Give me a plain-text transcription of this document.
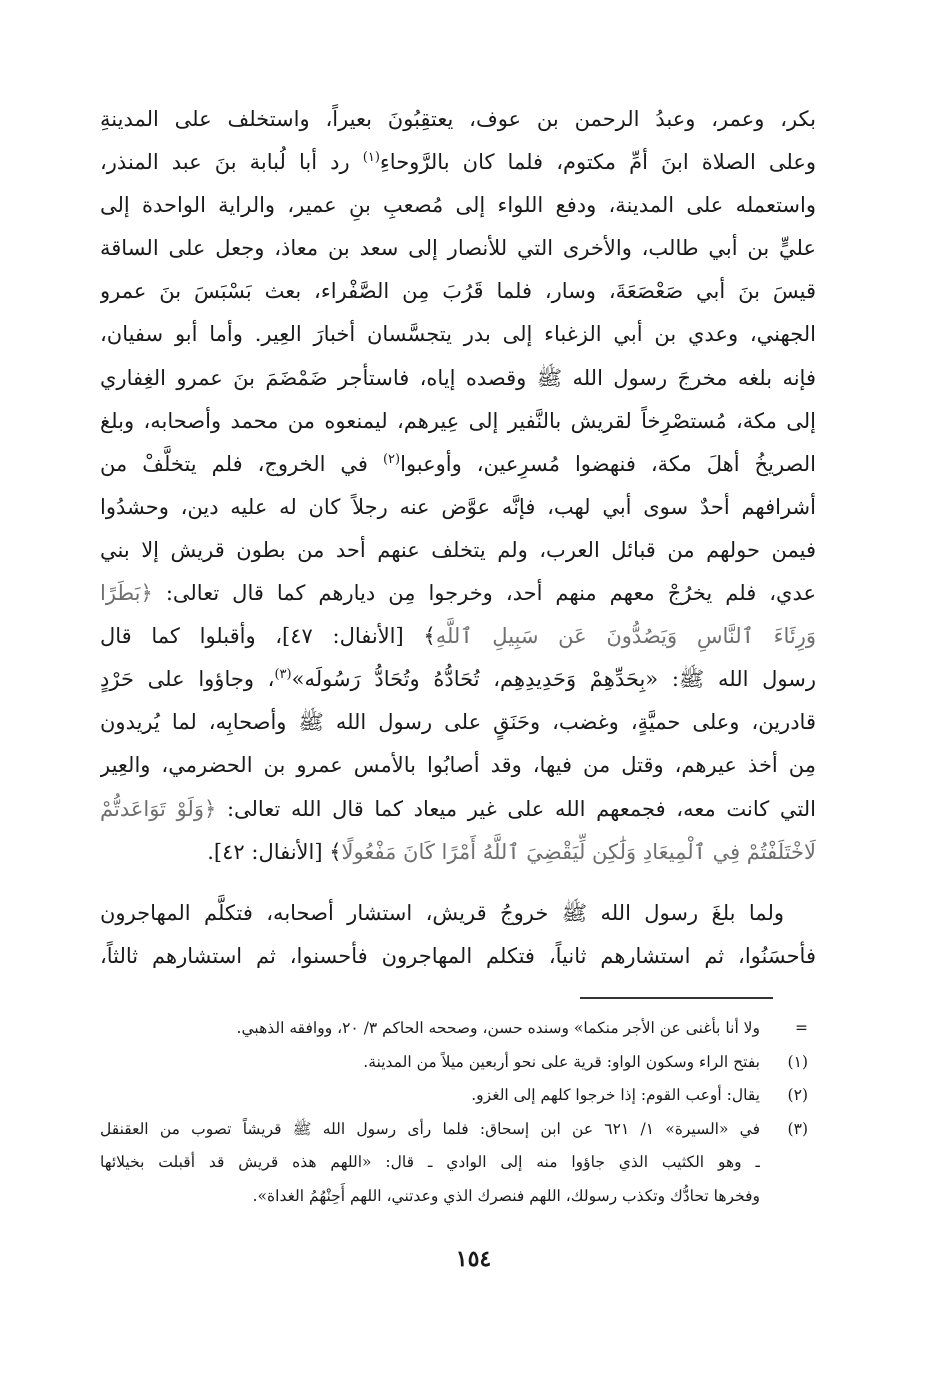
بكر، وعمر، وعبدُ الرحمن بن عوف، يعتقِبُونَ بعيراً، واستخلف على المدينةِ
وعلى الصلاة ابنَ أمِّ مكتوم، فلما كان بالرَّوحاءِ$^{(١)}$ رد أبا لُبابة بنَ عبد المنذر،
واستعمله على المدينة، ودفع اللواء إلى مُصعبِ بنِ عمير، والراية الواحدة إلى
عليٍّ بن أبي طالب، والأخرى التي للأنصار إلى سعد بن معاذ، وجعل على الساقة
قيسَ بنَ أبي صَعْصَعَةَ، وسار، فلما قَرُبَ مِن الصَّفْراء، بعث بَسْبَسَ بنَ عمرو
الجهني، وعدي بن أبي الزغباء إلى بدر يتجسَّسان أخبارَ العِير. وأما أبو سفيان،
فإنه بلغه مخرجَ رسول الله ﷺ وقصده إياه، فاستأجر ضَمْضَمَ بنَ عمرو الغِفاري
إلى مكة، مُستصْرِخاً لقريش بالنَّفير إلى عِيرهم، ليمنعوه من محمد وأصحابه، وبلغ
الصريخُ أهلَ مكة، فنهضوا مُسرِعين، وأوعبوا$^{(٢)}$ في الخروج، فلم يتخلَّفْ من
أشرافهم أحدٌ سوى أبي لهب، فإنَّه عوَّض عنه رجلاً كان له عليه دين، وحشدُوا
فيمن حولهم من قبائل العرب، ولم يتخلف عنهم أحد من بطون قريش إلا بني
عدي، فلم يخرُجْ معهم منهم أحد، وخرجوا مِن ديارهم كما قال تعالى: ﴿بَطَرًا
وَرِئَاءَ ٱلنَّاسِ وَيَصُدُّونَ عَن سَبِيلِ ٱللَّهِ﴾ [الأنفال: ٤٧]، وأقبلوا كما قال
رسول الله ﷺ: «بِحَدِّهِمْ وَحَدِيدِهِم، تُحَادُّهُ وتُحَادُّ رَسُولَه»$^{(٣)}$، وجاؤوا على حَرْدٍ
قادرين، وعلى حميَّةٍ، وغضب، وحَنَقٍ على رسول الله ﷺ وأصحابِه، لما يُريدون
مِن أخذ عيرهم، وقتل من فيها، وقد أصابُوا بالأمس عمرو بن الحضرمي، والعِير
التي كانت معه، فجمعهم الله على غير ميعاد كما قال الله تعالى: ﴿وَلَوْ تَوَاعَدتُّمْ
لَاخْتَلَفْتُمْ فِي ٱلْمِيعَادِ وَلَٰكِن لِّيَقْضِيَ ٱللَّهُ أَمْرًا كَانَ مَفْعُولًا﴾ [الأنفال: ٤٢].
ولما بلغَ رسول الله ﷺ خروجُ قريش، استشار أصحابه، فتكلَّم المهاجرون
فأحسَنُوا، ثم استشارهم ثانياً، فتكلم المهاجرون فأحسنوا، ثم استشارهم ثالثاً،
=
ولا أنا بأغنى عن الأجر منكما» وسنده حسن، وصححه الحاكم ٣/ ٢٠، ووافقه الذهبي.
(١)
بفتح الراء وسكون الواو: قرية على نحو أربعين ميلاً من المدينة.
(٢)
يقال: أوعب القوم: إذا خرجوا كلهم إلى الغزو.
(٣)
في «السيرة» ١/ ٦٢١ عن ابن إسحاق: فلما رأى رسول الله ﷺ قريشاً تصوب من العقنقل
ـ وهو الكثيب الذي جاؤوا منه إلى الوادي ـ قال: «اللهم هذه قريش قد أقبلت بخيلائها
وفخرها تحادُّك وتكذب رسولك، اللهم فنصرك الذي وعدتني، اللهم أَحِنْهُمُ الغداة».
١٥٤
